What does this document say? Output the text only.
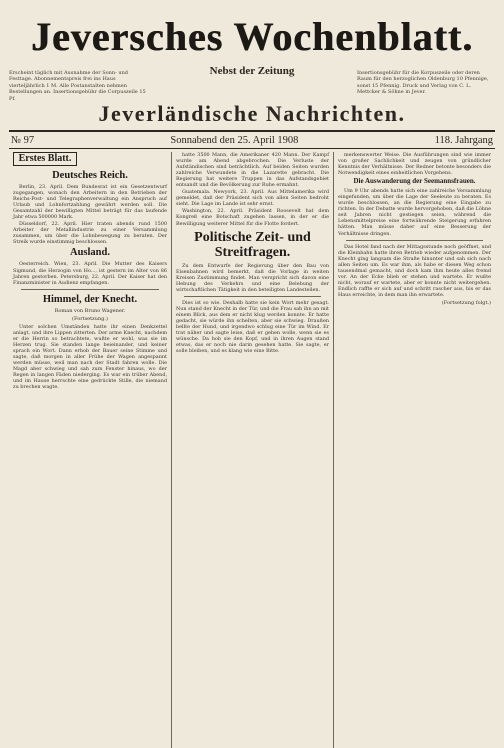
Jeversches Wochenblatt.
Erscheint täglich mit Ausnahme der Sonn- und Festtage. Abonnementspreis frei ins Haus vierteljährlich 1 M. Alle Postanstalten nehmen Bestellungen an. Insertionsgebühr die Corpuszeile 15 Pf.
Nebst der Zeitung	Insertionsgebühr für die Korpuszeile oder deren Raum für den herzoglichen Oldenburg 10 Pfennige, sonst 15 Pfennig. Druck und Verlag von C. L. Mettcker & Söhne in Jever.
Jeverländische Nachrichten.
№ 97	Sonnabend den 25. April 1908	118. Jahrgang
Erstes Blatt.
Deutsches Reich.

Berlin, 23. April. Dem Bundesrat ist ein Gesetzentwurf zugegangen, wonach den Arbeitern in den Betrieben der Reichs-Post- und Telegraphenverwaltung ein Anspruch auf Urlaub und Lohnfortzahlung gewährt werden soll. Die Gesamtzahl der bewilligten Mittel beträgt für das laufende Jahr etwa 500000 Mark.

Düsseldorf, 22. April. Hier traten abends rund 1500 Arbeiter der Metallindustrie zu einer Versammlung zusammen, um über die Lohnbewegung zu beraten. Der Streik wurde einstimmig beschlossen.

Ausland.

Oesterreich. Wien, 23. April. Die Mutter des Kaisers Sigmund, die Herzogin von Ho..., ist gestern im Alter von 86 Jahren gestorben. Petersburg, 22. April. Der Kaiser hat den Finanzminister in Audienz empfangen.

Himmel, der Knecht.
Roman von Bruno Wagener.
(Fortsetzung.)

Unter solchen Umständen hatte ihr einen Denkzettel anlagt, und ihre Lippen zitterten. Der arme Knecht, nachdem er die Herrin so betrachtete, wußte er wohl, was sie im Herzen trug. Sie standen lange beieinander, und keiner sprach ein Wort. Dann erhob der Bauer seine Stimme und sagte, daß morgen in aller Frühe der Wagen angespannt werden müsse, weil man nach der Stadt fahren wolle. Die Magd aber schwieg und sah zum Fenster hinaus, wo der Regen in langen Fäden niederging. Es war ein trüber Abend, und im Hause herrschte eine gedrückte Stille, die niemand zu brechen wagte.

hatte 3500 Mann, die Amerikaner 420 Mann. Der Kampf wurde am Abend abgebrochen. Die Verluste der Aufständischen sind beträchtlich. Auf beiden Seiten wurden zahlreiche Verwundete in die Lazarette gebracht. Die Regierung hat weitere Truppen in das Aufstandsgebiet entsandt und die Bevölkerung zur Ruhe ermahnt.

Guatemala. Newyork, 23. April. Aus Mittelamerika wird gemeldet, daß der Präsident sich von allen Seiten bedroht sieht. Die Lage im Lande ist sehr ernst.

Washington, 22. April. Präsident Roosevelt hat dem Kongreß eine Botschaft zugehen lassen, in der er die Bewilligung weiterer Mittel für die Flotte fordert.

Politische Zeit- und Streitfragen.

Zu dem Entwurfe der Regierung über den Bau von Eisenbahnen wird bemerkt, daß die Vorlage in weiten Kreisen Zustimmung findet. Man verspricht sich davon eine Hebung des Verkehrs und eine Belebung der wirtschaftlichen Tätigkeit in den beteiligten Landesteilen.

Dies ist so wie. Deshalb hatte sie kein Wort mehr gesagt. Nun stand der Knecht in der Tür, und die Frau sah ihn an mit einem Blick, aus dem er nicht klug werden konnte. Er hatte gedacht, sie würde ihn schelten, aber sie schwieg. Draußen bellte der Hund, und irgendwo schlug eine Tür im Wind. Er trat näher und sagte leise, daß er gehen wolle, wenn sie es wünsche. Da hob sie den Kopf, und in ihren Augen stand etwas, das er noch nie darin gesehen hatte. Sie sagte, er solle bleiben, und es klang wie eine Bitte.

merkenswerter Weise. Die Ausführungen sind wie immer von großer Sachlichkeit und zeugen von gründlicher Kenntnis der Verhältnisse. Der Redner betonte besonders die Notwendigkeit eines einheitlichen Vorgehens.

Die Auswanderung der Seemannsfrauen.

Um 9 Uhr abends hatte sich eine zahlreiche Versammlung eingefunden, um über die Lage der Seeleute zu beraten. Es wurde beschlossen, an die Regierung eine Eingabe zu richten. In der Debatte wurde hervorgehoben, daß die Löhne seit Jahren nicht gestiegen seien, während die Lebensmittelpreise eine fortwährende Steigerung erfahren hätten. Man müsse daher auf eine Besserung der Verhältnisse dringen.

Das Hotel fand nach der Mittagsstunde noch geöffnet, und die Kleinbahn hatte ihren Betrieb wieder aufgenommen. Der Knecht ging langsam die Straße hinunter und sah sich nach allen Seiten um. Es war ihm, als habe er diesen Weg schon tausendmal gemacht, und doch kam ihm heute alles fremd vor. An der Ecke blieb er stehen und wartete. Er wußte nicht, worauf er wartete, aber er konnte nicht weitergehen. Endlich raffte er sich auf und schritt rascher aus, bis er das Haus erreichte, in dem man ihn erwartete.

(Fortsetzung folgt.)
